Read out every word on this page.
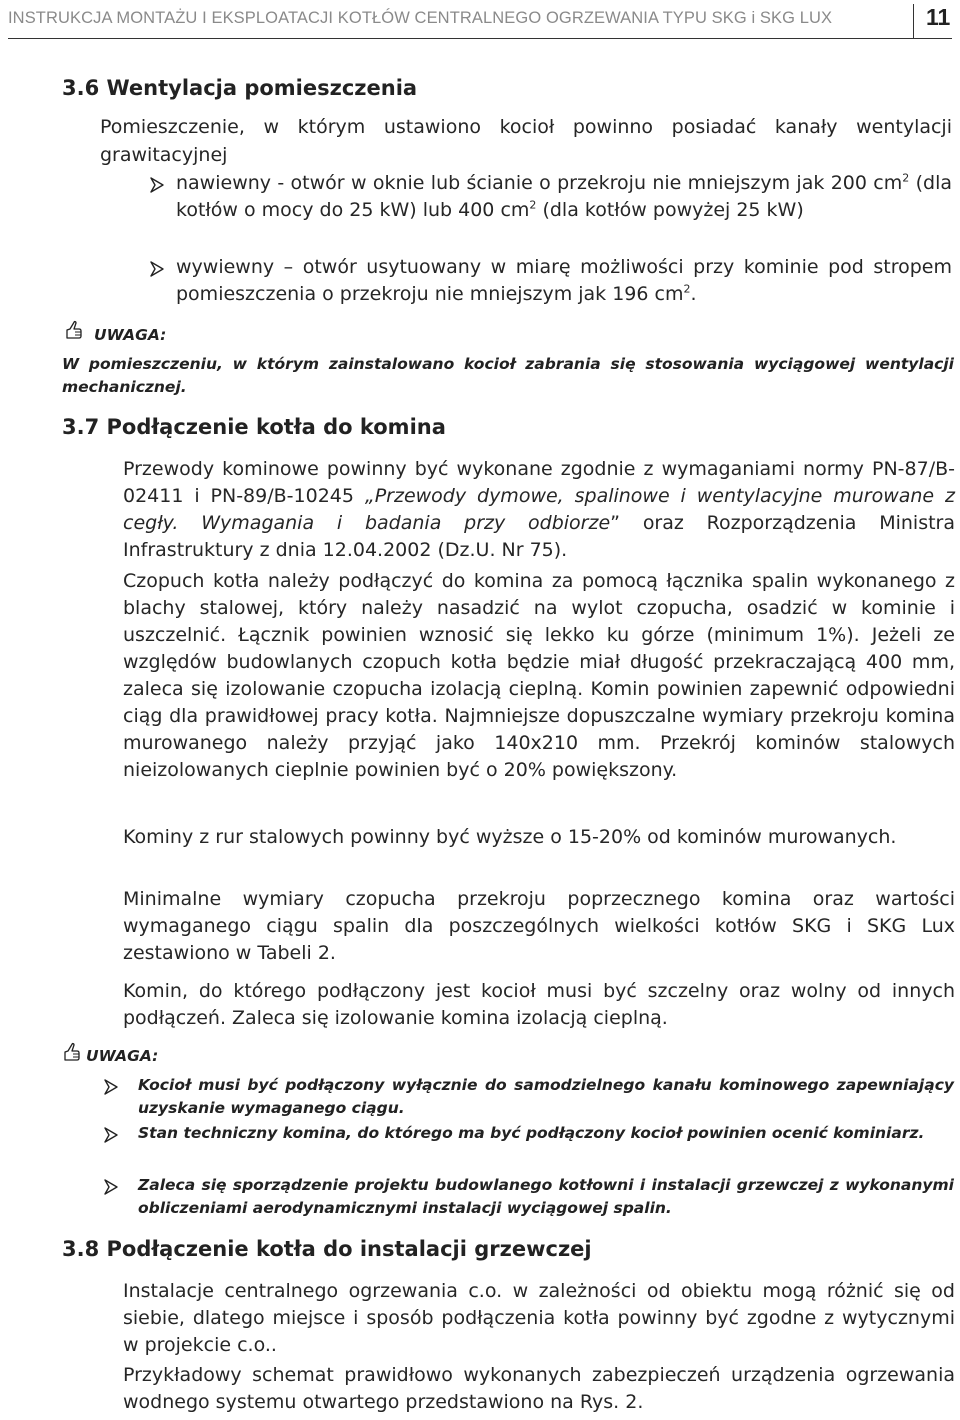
INSTRUKCJA MONTAŻU I EKSPLOATACJI KOTŁÓW CENTRALNEGO OGRZEWANIA TYPU SKG i SKG LUX	11
3.6 Wentylacja pomieszczenia
Pomieszczenie, w którym ustawiono kocioł powinno posiadać kanały wentylacji grawitacyjnej
nawiewny - otwór w oknie lub ścianie o przekroju nie mniejszym jak 200 $cm^2$ (dla kotłów o mocy do 25 kW) lub 400 $cm^2$ (dla kotłów powyżej 25 kW)
wywiewny – otwór usytuowany w miarę możliwości przy kominie pod stropem pomieszczenia o przekroju nie mniejszym jak 196 $cm^2$.
UWAGA:
W pomieszczeniu, w którym zainstalowano kocioł zabrania się stosowania wyciągowej wentylacji mechanicznej.
3.7 Podłączenie kotła do komina
Przewody kominowe powinny być wykonane zgodnie z wymaganiami normy PN-87/B-02411 i PN-89/B-10245 „Przewody dymowe, spalinowe i wentylacyjne murowane z cegły. Wymagania i badania przy odbiorze” oraz Rozporządzenia Ministra Infrastruktury z dnia 12.04.2002 (Dz.U. Nr 75).
Czopuch kotła należy podłączyć do komina za pomocą łącznika spalin wykonanego z blachy stalowej, który należy nasadzić na wylot czopucha, osadzić w kominie i uszczelnić. Łącznik powinien wznosić się lekko ku górze (minimum 1%). Jeżeli ze względów budowlanych czopuch kotła będzie miał długość przekraczającą 400 mm, zaleca się izolowanie czopucha izolacją cieplną. Komin powinien zapewnić odpowiedni ciąg dla prawidłowej pracy kotła. Najmniejsze dopuszczalne wymiary przekroju komina murowanego należy przyjąć jako 140x210 mm. Przekrój kominów stalowych nieizolowanych cieplnie powinien być o 20% powiększony.
Kominy z rur stalowych powinny być wyższe o 15-20% od kominów murowanych.
Minimalne wymiary czopucha przekroju poprzecznego komina oraz wartości wymaganego ciągu spalin dla poszczególnych wielkości kotłów SKG i SKG Lux zestawiono w Tabeli 2.
Komin, do którego podłączony jest kocioł musi być szczelny oraz wolny od innych podłączeń. Zaleca się izolowanie komina izolacją cieplną.
UWAGA:
Kocioł musi być podłączony wyłącznie do samodzielnego kanału kominowego zapewniający uzyskanie wymaganego ciągu.
Stan techniczny komina, do którego ma być podłączony kocioł powinien ocenić kominiarz.
Zaleca się sporządzenie projektu budowlanego kotłowni i instalacji grzewczej z wykonanymi obliczeniami aerodynamicznymi instalacji wyciągowej spalin.
3.8 Podłączenie kotła do instalacji grzewczej
Instalacje centralnego ogrzewania c.o. w zależności od obiektu mogą różnić się od siebie, dlatego miejsce i sposób podłączenia kotła powinny być zgodne z wytycznymi w projekcie c.o..
Przykładowy schemat prawidłowo wykonanych zabezpieczeń urządzenia ogrzewania wodnego systemu otwartego przedstawiono na Rys. 2.
